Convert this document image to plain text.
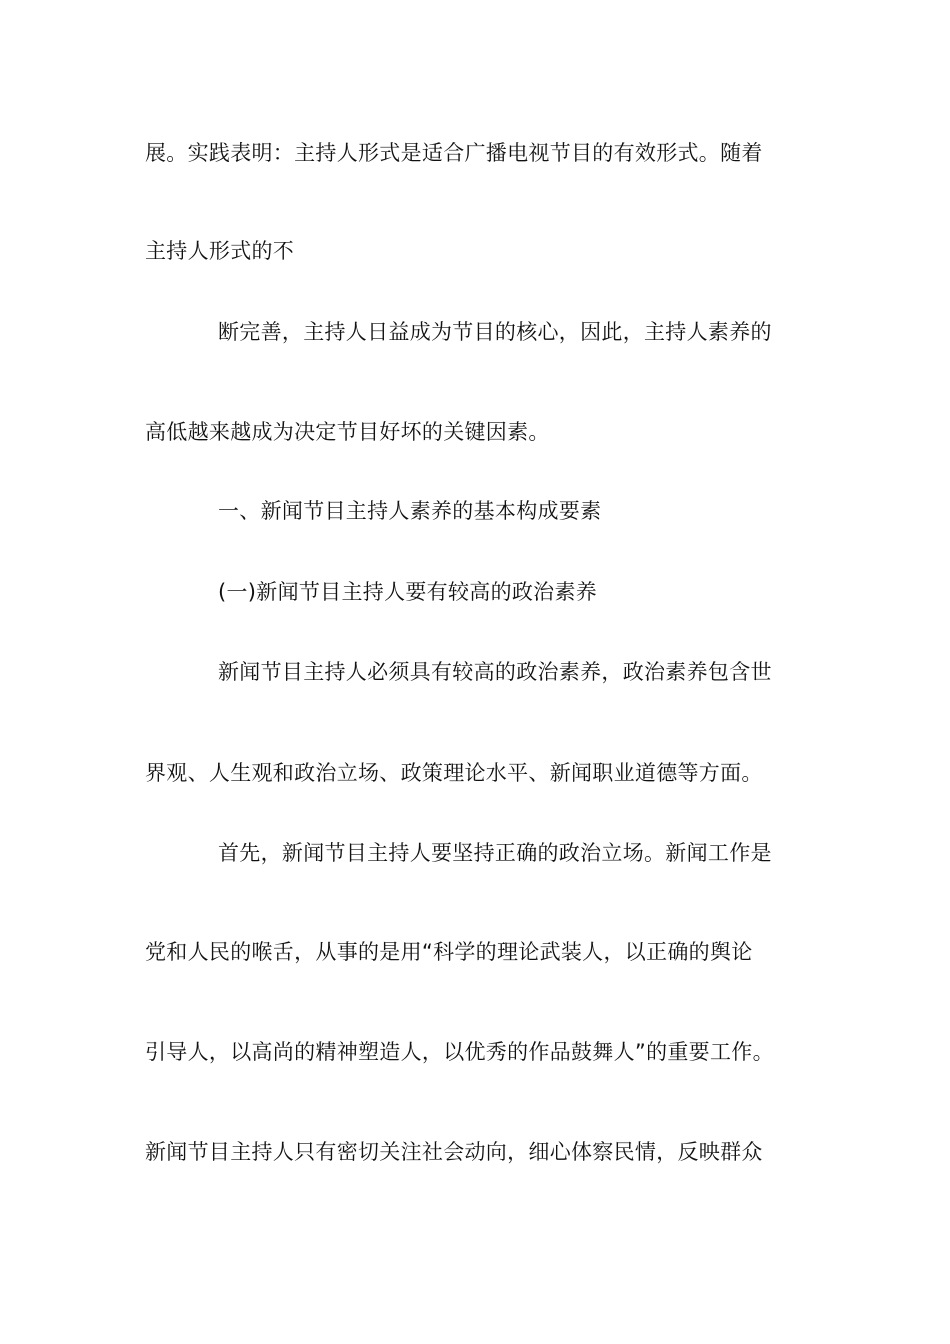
展。实践表明：主持人形式是适合广播电视节目的有效形式。随着
主持人形式的不
断完善，主持人日益成为节目的核心，因此，主持人素养的
高低越来越成为决定节目好坏的关键因素。
一、新闻节目主持人素养的基本构成要素
(一)新闻节目主持人要有较高的政治素养
新闻节目主持人必须具有较高的政治素养，政治素养包含世
界观、人生观和政治立场、政策理论水平、新闻职业道德等方面。
首先，新闻节目主持人要坚持正确的政治立场。新闻工作是
党和人民的喉舌，从事的是用“科学的理论武装人，以正确的舆论
引导人，以高尚的精神塑造人，以优秀的作品鼓舞人”的重要工作。
新闻节目主持人只有密切关注社会动向，细心体察民情，反映群众
